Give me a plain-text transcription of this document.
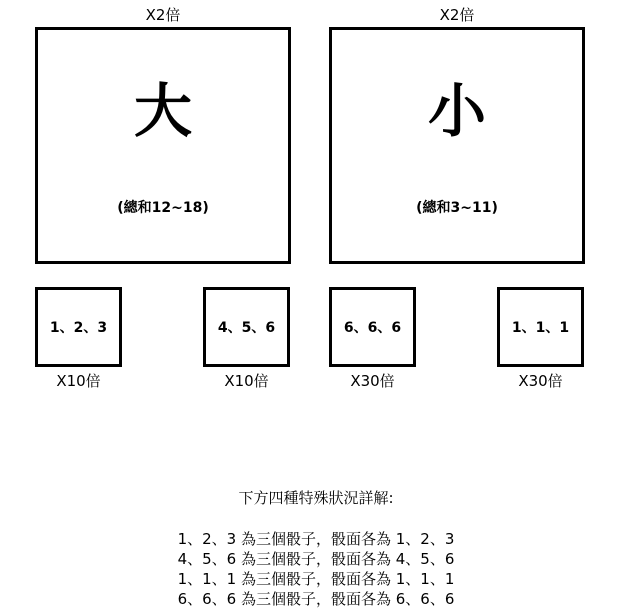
X2倍
大
(總和12~18)
X2倍
小
(總和3~11)
1、2、3
X10倍
4、5、6
X10倍
6、6、6
X30倍
1、1、1
X30倍
下方四種特殊狀況詳解:
1、2、3 為三個骰子，骰面各為 1、2、3
4、5、6 為三個骰子，骰面各為 4、5、6
1、1、1 為三個骰子，骰面各為 1、1、1
6、6、6 為三個骰子，骰面各為 6、6、6
